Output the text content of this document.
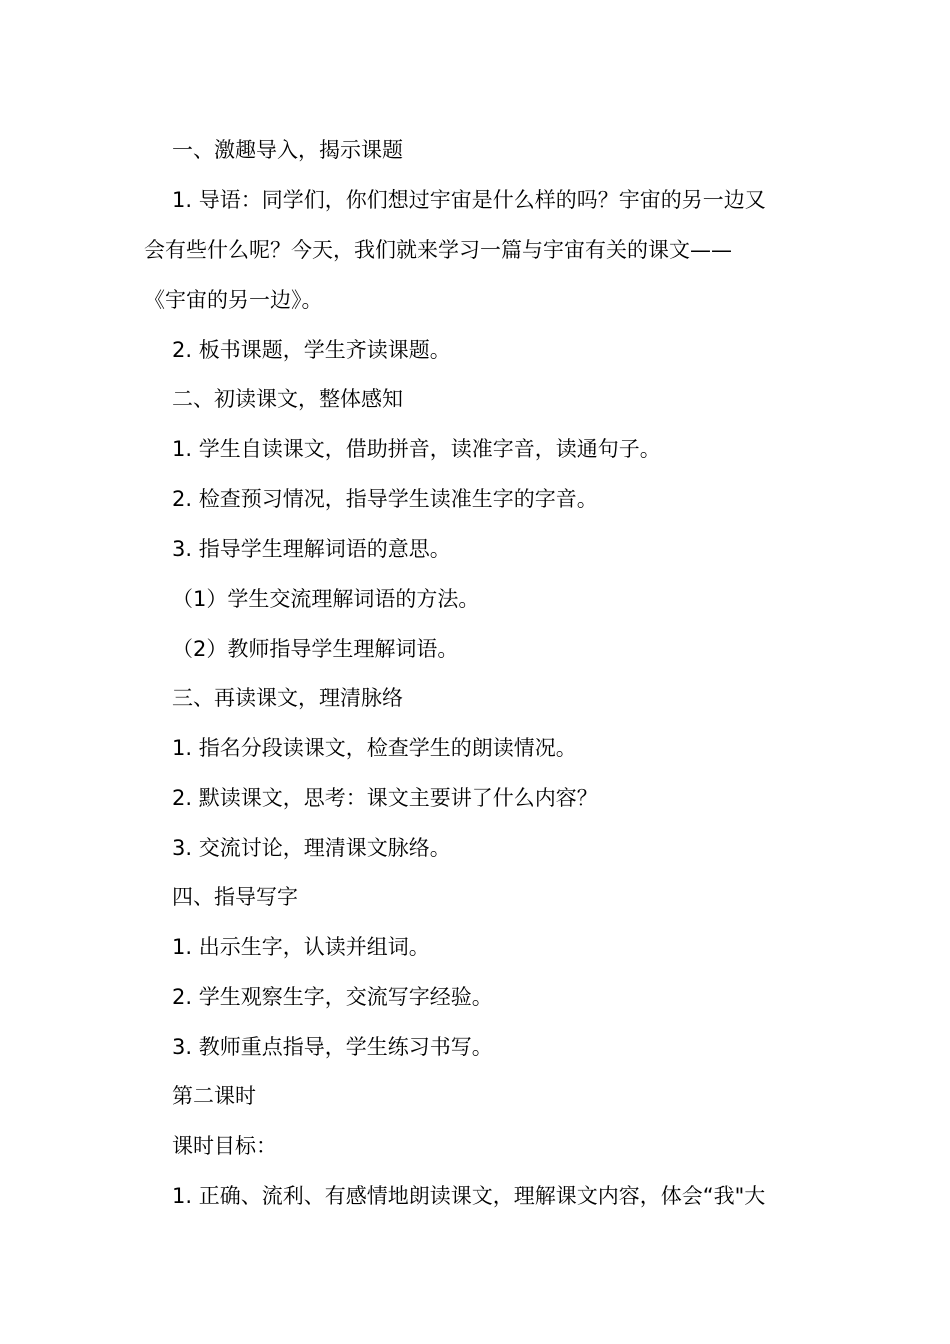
一、激趣导入，揭示课题
1. 导语：同学们，你们想过宇宙是什么样的吗？宇宙的另一边又
会有些什么呢？今天，我们就来学习一篇与宇宙有关的课文——
《宇宙的另一边》。
2. 板书课题，学生齐读课题。
二、初读课文，整体感知
1. 学生自读课文，借助拼音，读准字音，读通句子。
2. 检查预习情况，指导学生读准生字的字音。
3. 指导学生理解词语的意思。
（1）学生交流理解词语的方法。
（2）教师指导学生理解词语。
三、再读课文，理清脉络
1. 指名分段读课文，检查学生的朗读情况。
2. 默读课文，思考：课文主要讲了什么内容？
3. 交流讨论，理清课文脉络。
四、指导写字
1. 出示生字，认读并组词。
2. 学生观察生字，交流写字经验。
3. 教师重点指导，学生练习书写。
第二课时
课时目标：
1. 正确、流利、有感情地朗读课文，理解课文内容，体会“我"大
